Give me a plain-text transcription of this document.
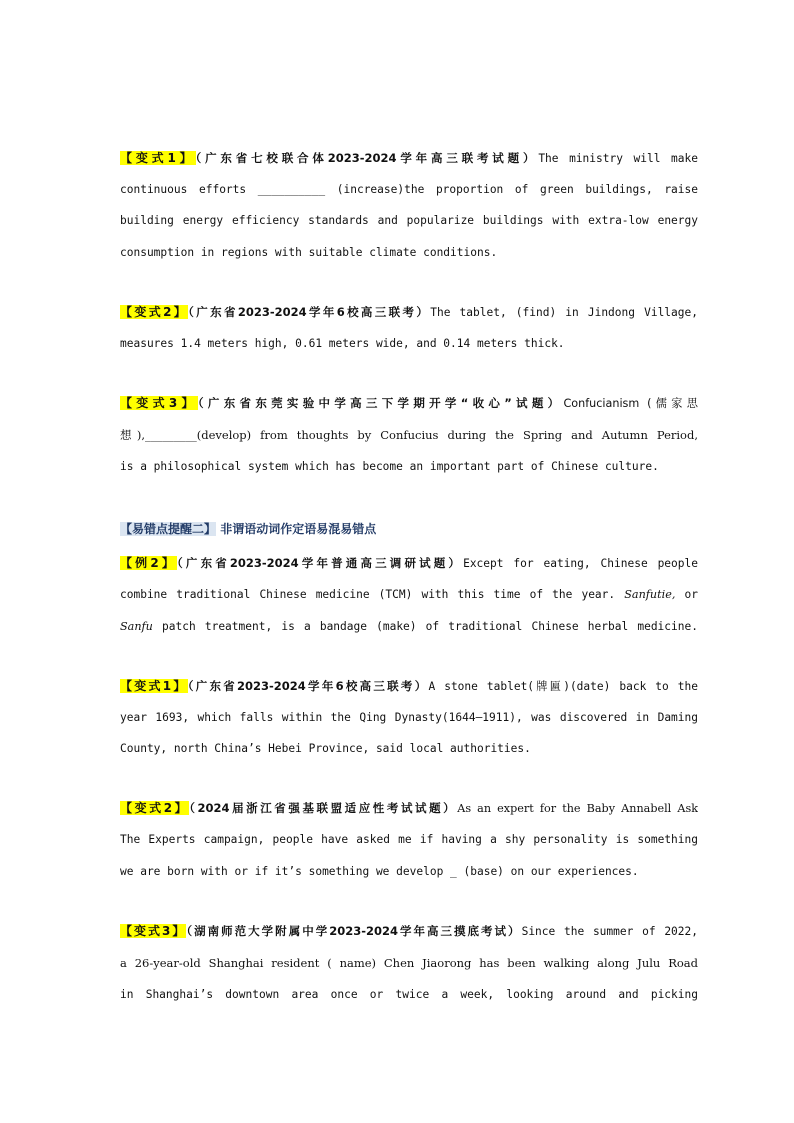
【变式1】（广东省七校联合体2023-2024学年高三联考试题）The ministry will make
continuous efforts __________ (increase)the proportion of green buildings, raise
building energy efficiency standards and popularize buildings with extra-low energy
consumption in regions with suitable climate conditions.
【变式2】（广东省2023-2024学年6校高三联考）The tablet, (find) in Jindong Village,
measures 1.4 meters high, 0.61 meters wide, and 0.14 meters thick.
【变式3】（广东省东莞实验中学高三下学期开学“收心”试题）Confucianism (儒家思
想),_________(develop) from thoughts by Confucius during the Spring and Autumn Period,
is a philosophical system which has become an important part of Chinese culture.
【易错点提醒二】 非谓语动词作定语易混易错点
【例2】（广东省2023-2024学年普通高三调研试题）Except for eating, Chinese people
combine traditional Chinese medicine (TCM) with this time of the year. Sanfutie, or
Sanfu patch treatment, is a bandage (make) of traditional Chinese herbal medicine.
【变式1】（广东省2023-2024学年6校高三联考）A stone tablet(牌匾)(date) back to the
year 1693, which falls within the Qing Dynasty(1644—1911), was discovered in Daming
County, north China’s Hebei Province, said local authorities.
【变式2】（2024届浙江省强基联盟适应性考试试题）As an expert for the Baby Annabell Ask
The Experts campaign, people have asked me if having a shy personality is something
we are born with or if it’s something we develop _ (base) on our experiences.
【变式3】（湖南师范大学附属中学2023-2024学年高三摸底考试）Since the summer of 2022,
a 26-year-old Shanghai resident ( name) Chen Jiaorong has been walking along Julu Road
in Shanghai’s downtown area once or twice a week, looking around and picking
